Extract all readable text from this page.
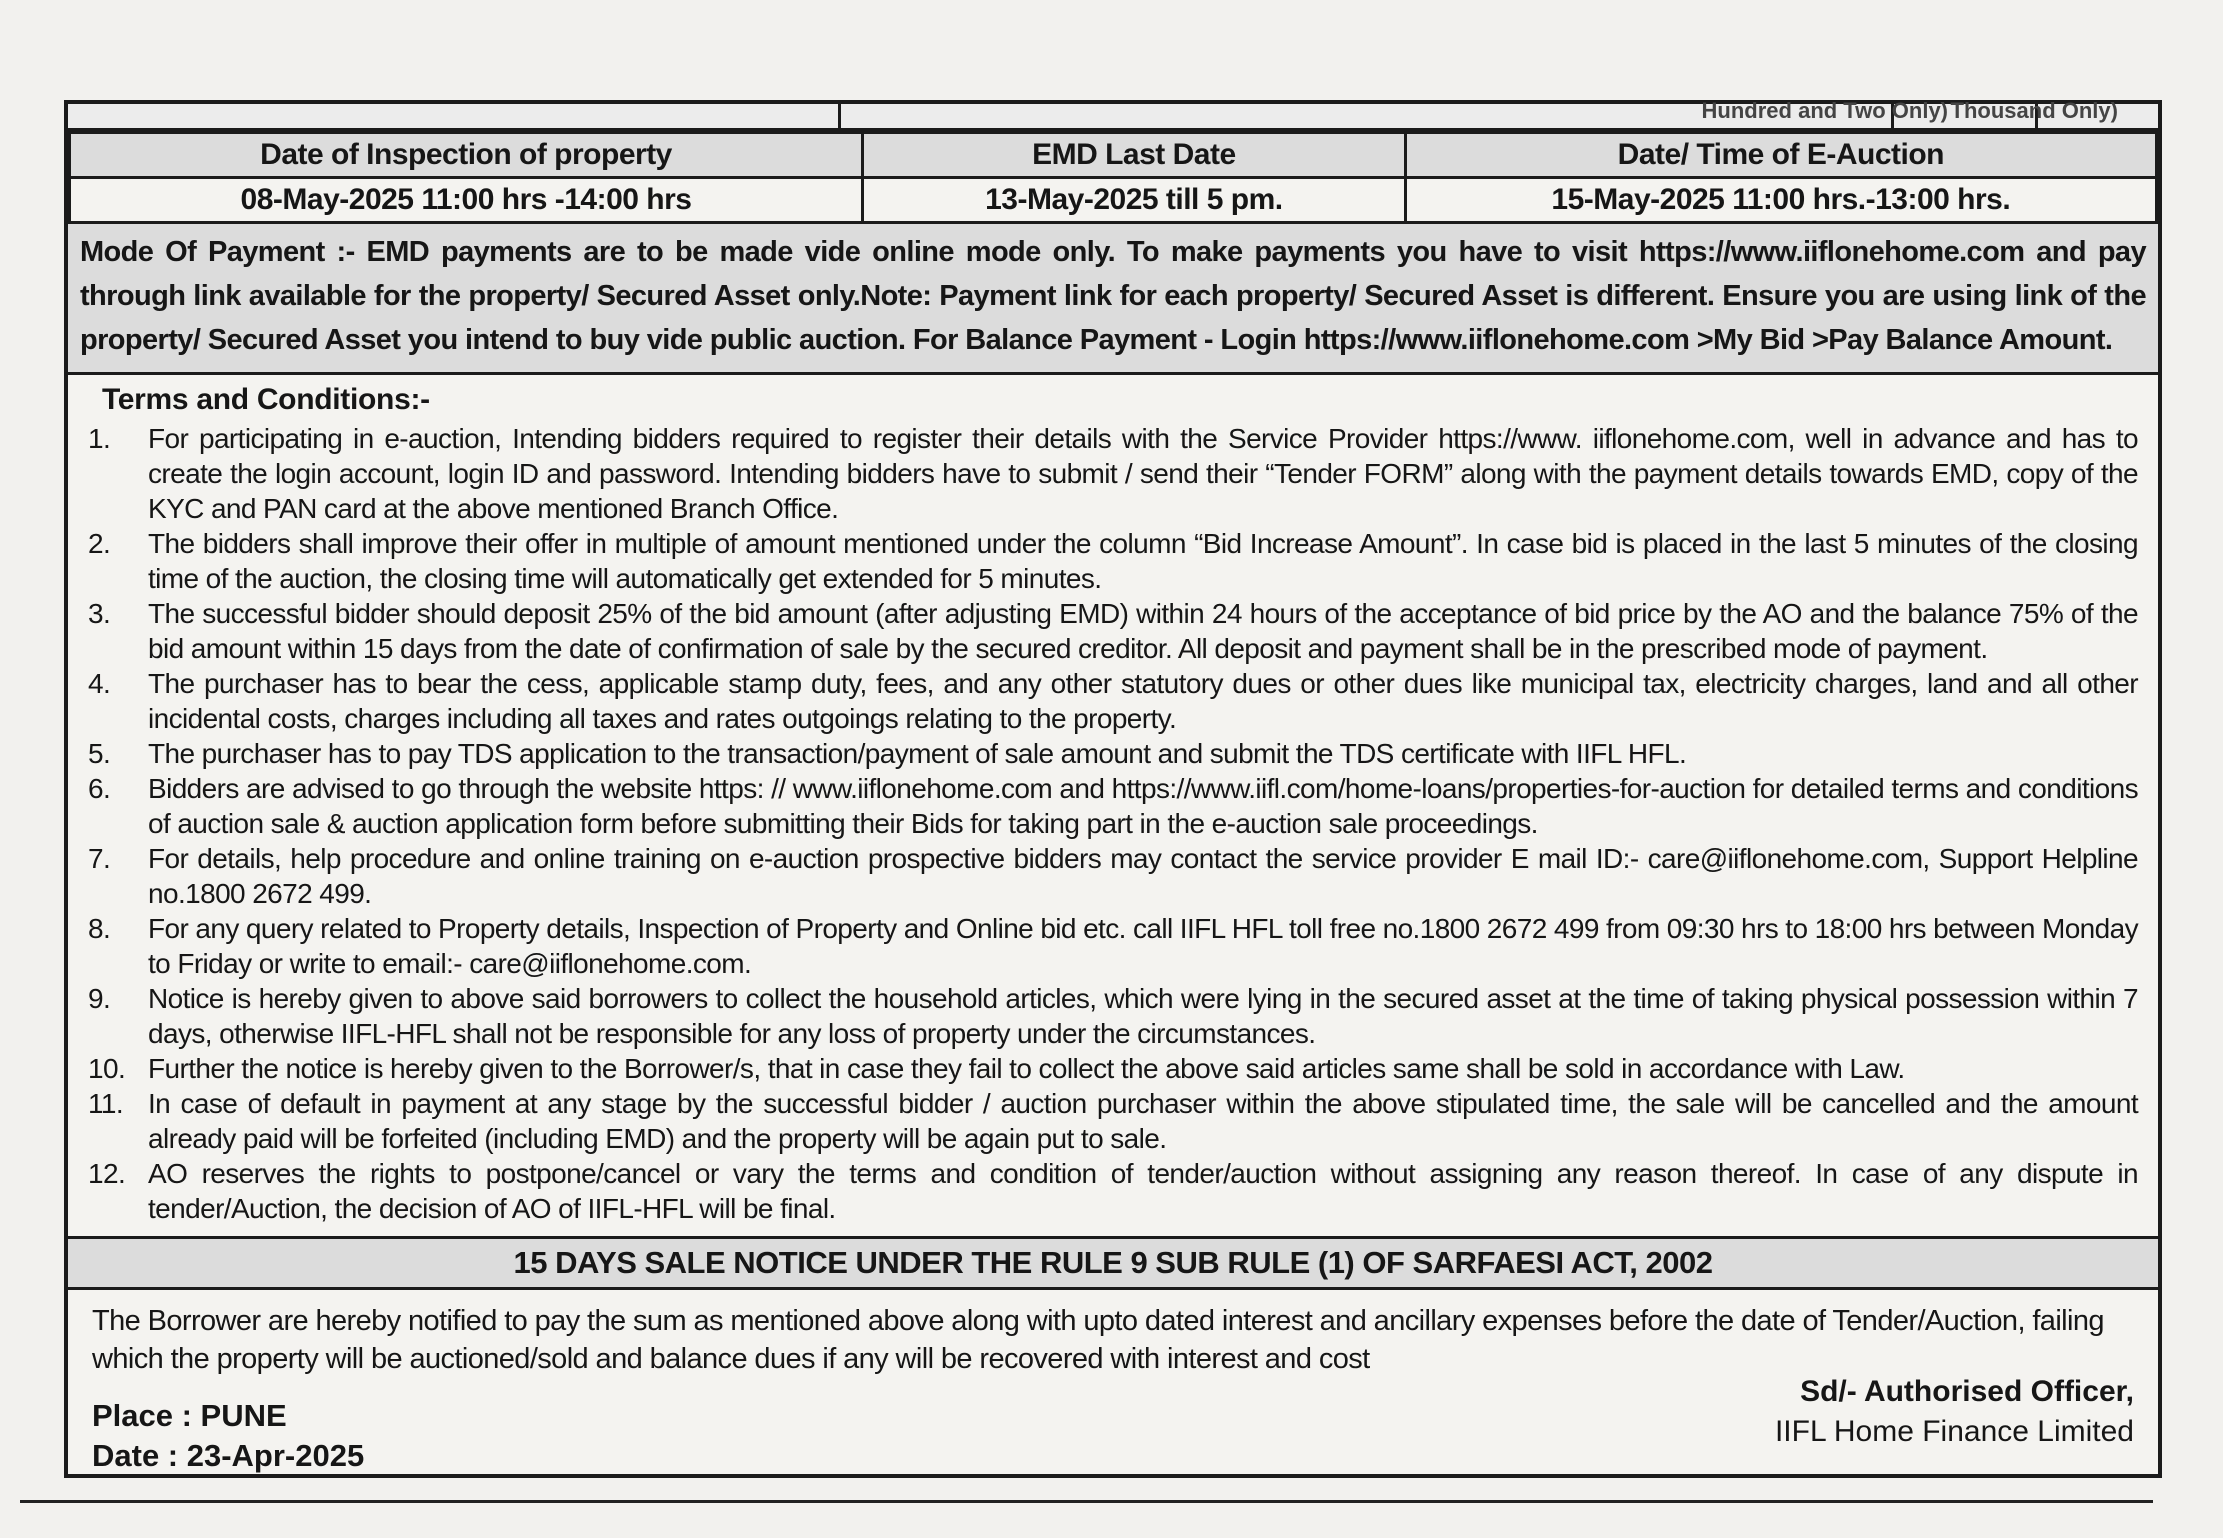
Hundred and Two Only) Thousand Only)
Date of Inspection of property	EMD Last Date	Date/ Time of E-Auction
08-May-2025 11:00 hrs -14:00 hrs	13-May-2025 till 5 pm.	15-May-2025 11:00 hrs.-13:00 hrs.
Mode Of Payment :- EMD payments are to be made vide online mode only. To make payments you have to visit https://www.iiflonehome.com and pay through link available for the property/ Secured Asset only.Note: Payment link for each property/ Secured Asset is different. Ensure you are using link of the property/ Secured Asset you intend to buy vide public auction. For Balance Payment - Login https://www.iiflonehome.com >My Bid >Pay Balance Amount.
Terms and Conditions:-
1.	For participating in e-auction, Intending bidders required to register their details with the Service Provider https://www. iiflonehome.com, well in advance and has to create the login account, login ID and password. Intending bidders have to submit / send their “Tender FORM” along with the payment details towards EMD, copy of the KYC and PAN card at the above mentioned Branch Office.
2.	The bidders shall improve their offer in multiple of amount mentioned under the column “Bid Increase Amount”. In case bid is placed in the last 5 minutes of the closing time of the auction, the closing time will automatically get extended for 5 minutes.
3.	The successful bidder should deposit 25% of the bid amount (after adjusting EMD) within 24 hours of the acceptance of bid price by the AO and the balance 75% of the bid amount within 15 days from the date of confirmation of sale by the secured creditor. All deposit and payment shall be in the prescribed mode of payment.
4.	The purchaser has to bear the cess, applicable stamp duty, fees, and any other statutory dues or other dues like municipal tax, electricity charges, land and all other incidental costs, charges including all taxes and rates outgoings relating to the property.
5.	The purchaser has to pay TDS application to the transaction/payment of sale amount and submit the TDS certificate with IIFL HFL.
6.	Bidders are advised to go through the website https: // www.iiflonehome.com and https://www.iifl.com/home-loans/properties-for-auction for detailed terms and conditions of auction sale & auction application form before submitting their Bids for taking part in the e-auction sale proceedings.
7.	For details, help procedure and online training on e-auction prospective bidders may contact the service provider E mail ID:- care@iiflonehome.com, Support Helpline no.1800 2672 499.
8.	For any query related to Property details, Inspection of Property and Online bid etc. call IIFL HFL toll free no.1800 2672 499 from 09:30 hrs to 18:00 hrs between Monday to Friday or write to email:- care@iiflonehome.com.
9.	Notice is hereby given to above said borrowers to collect the household articles, which were lying in the secured asset at the time of taking physical possession within 7 days, otherwise IIFL-HFL shall not be responsible for any loss of property under the circumstances.
10. Further the notice is hereby given to the Borrower/s, that in case they fail to collect the above said articles same shall be sold in accordance with Law.
11. In case of default in payment at any stage by the successful bidder / auction purchaser within the above stipulated time, the sale will be cancelled and the amount already paid will be forfeited (including EMD) and the property will be again put to sale.
12. AO reserves the rights to postpone/cancel or vary the terms and condition of tender/auction without assigning any reason thereof. In case of any dispute in tender/Auction, the decision of AO of IIFL-HFL will be final.
15 DAYS SALE NOTICE UNDER THE RULE 9 SUB RULE (1) OF SARFAESI ACT, 2002
The Borrower are hereby notified to pay the sum as mentioned above along with upto dated interest and ancillary expenses before the date of Tender/Auction, failing which the property will be auctioned/sold and balance dues if any will be recovered with interest and cost
Place : PUNE
Date : 23-Apr-2025
Sd/- Authorised Officer,
IIFL Home Finance Limited
